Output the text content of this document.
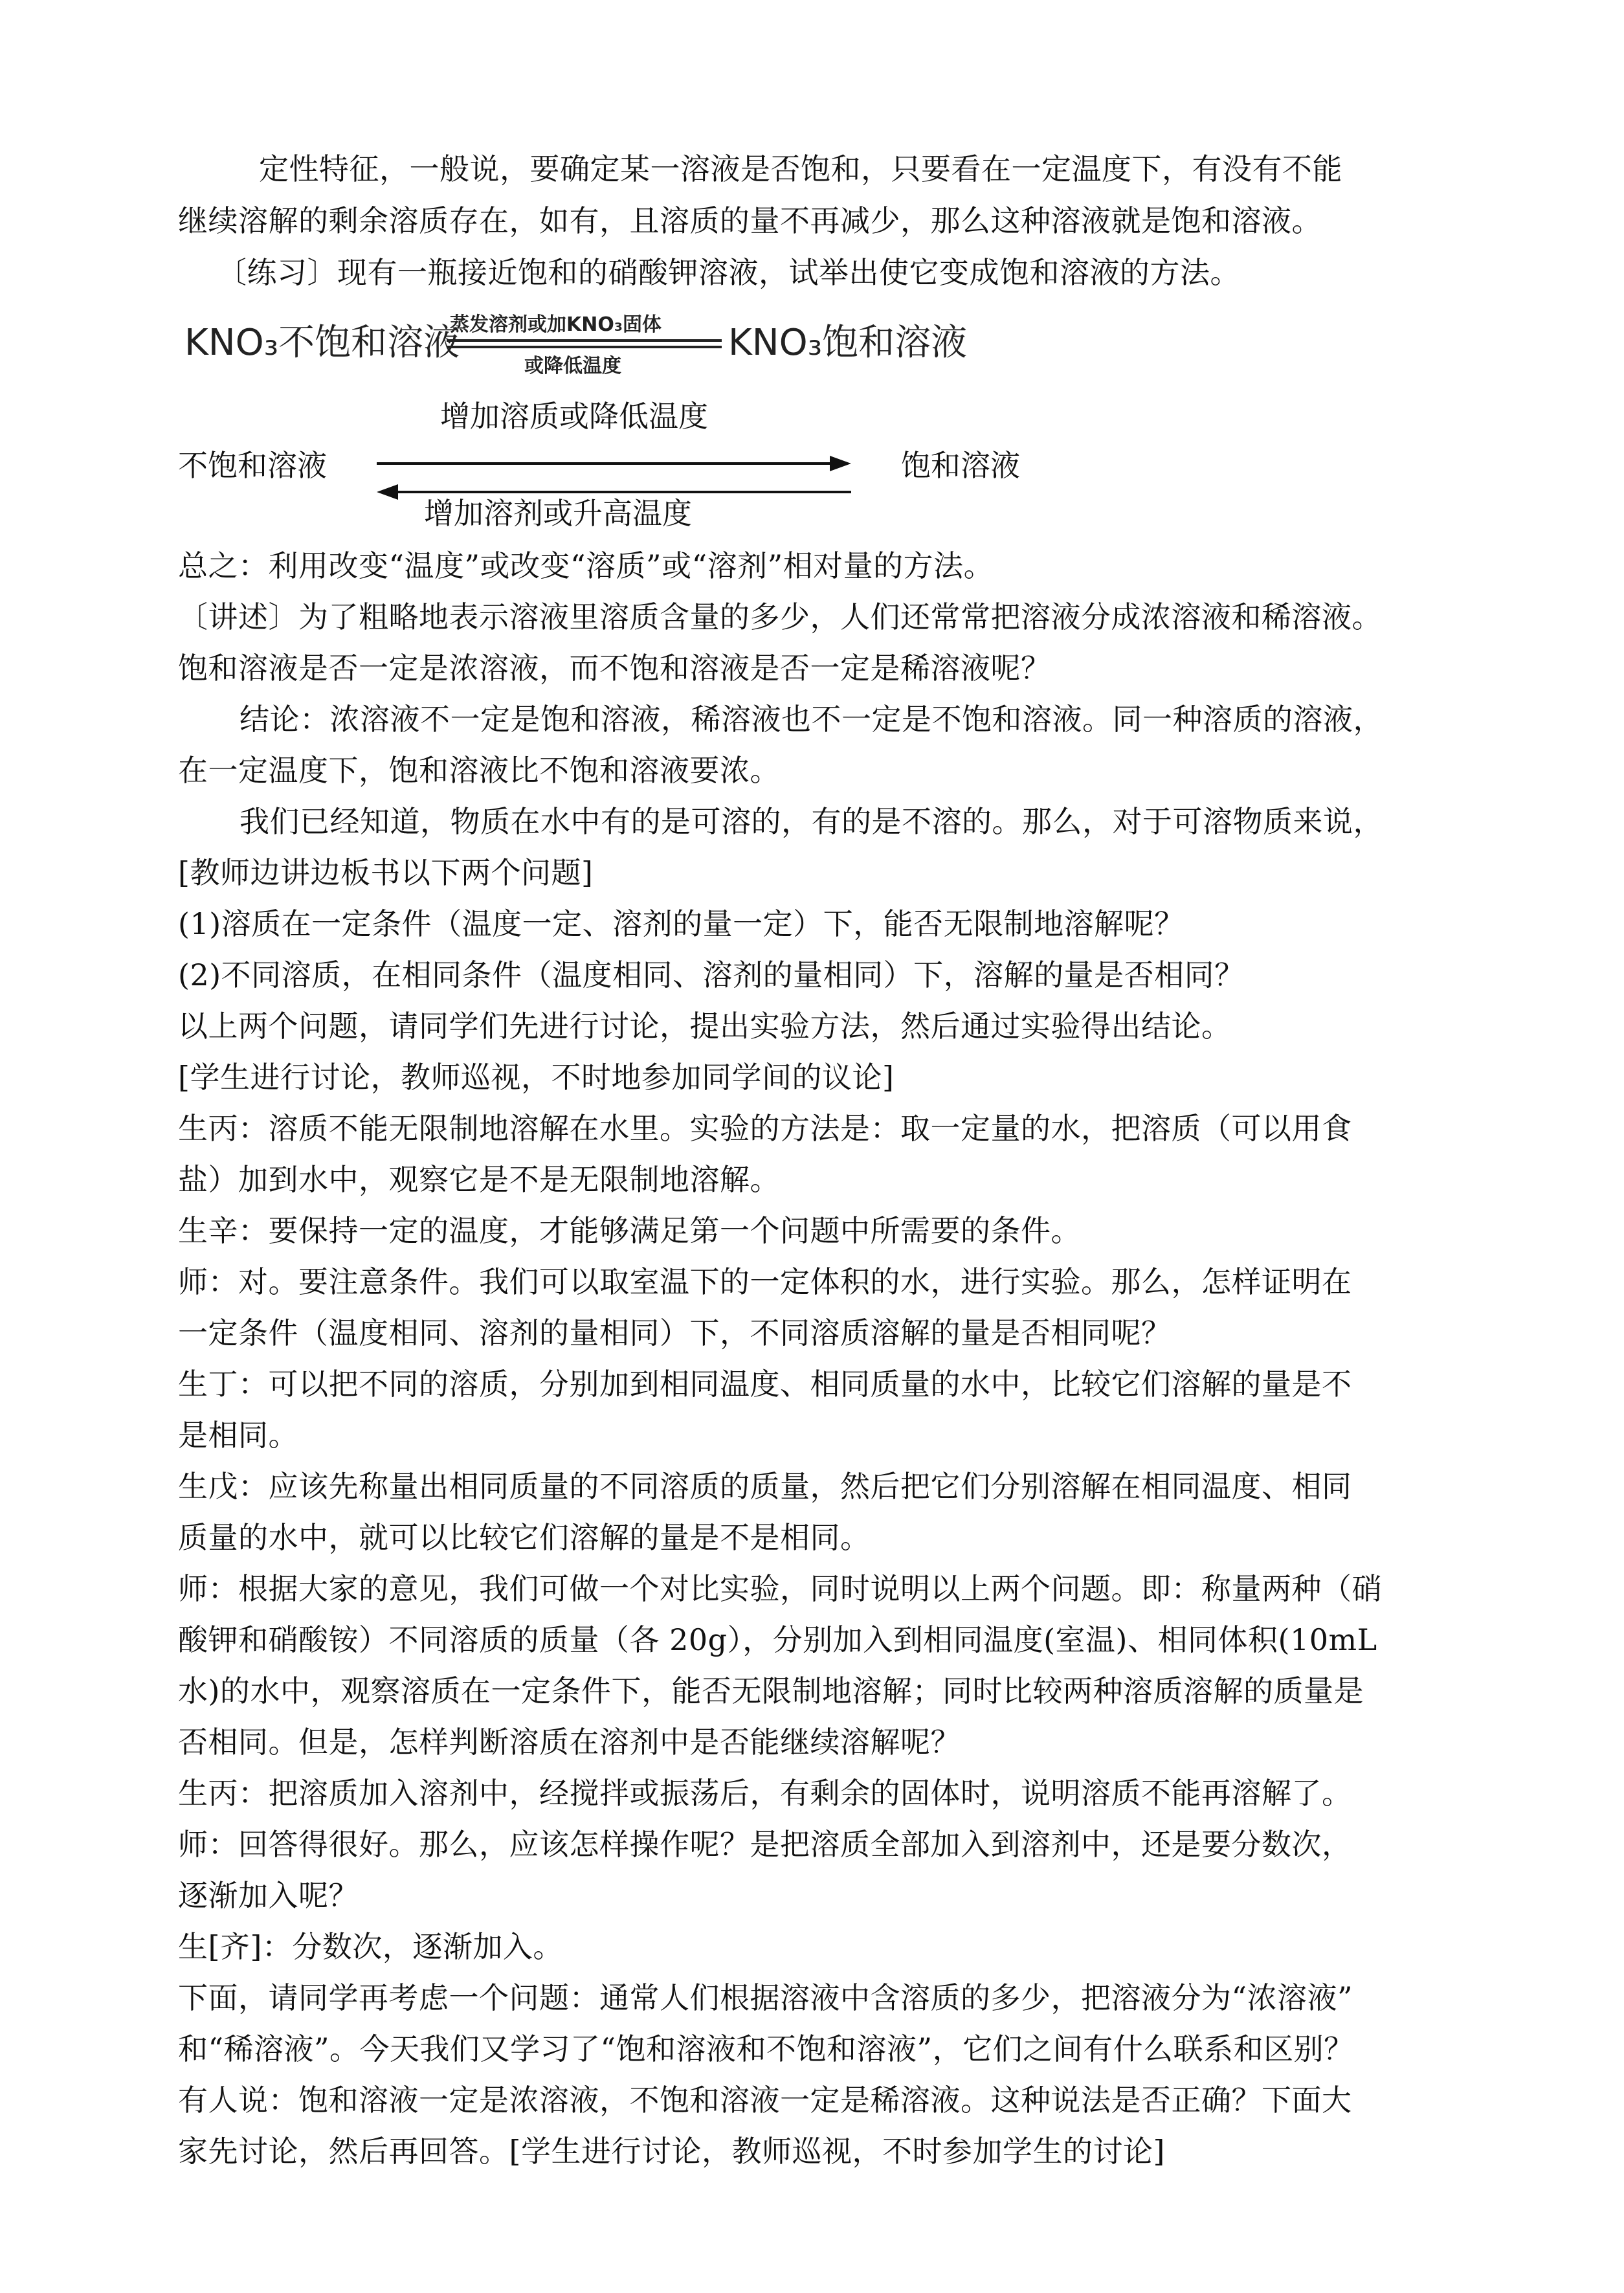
定性特征，一般说，要确定某一溶液是否饱和，只要看在一定温度下，有没有不能
继续溶解的剩余溶质存在，如有，且溶质的量不再减少，那么这种溶液就是饱和溶液。
〔练习〕现有一瓶接近饱和的硝酸钾溶液，试举出使它变成饱和溶液的方法。
KNO₃不饱和溶液
蒸发溶剂或加KNO₃固体
或降低温度
KNO₃饱和溶液
增加溶质或降低温度
不饱和溶液	饱和溶液
增加溶剂或升高温度
总之：利用改变“温度”或改变“溶质”或“溶剂”相对量的方法。
〔讲述〕为了粗略地表示溶液里溶质含量的多少，人们还常常把溶液分成浓溶液和稀溶液。
饱和溶液是否一定是浓溶液，而不饱和溶液是否一定是稀溶液呢？
结论：浓溶液不一定是饱和溶液，稀溶液也不一定是不饱和溶液。同一种溶质的溶液，
在一定温度下，饱和溶液比不饱和溶液要浓。
我们已经知道，物质在水中有的是可溶的，有的是不溶的。那么，对于可溶物质来说，
[教师边讲边板书以下两个问题]
(1)溶质在一定条件（温度一定、溶剂的量一定）下，能否无限制地溶解呢？
(2)不同溶质，在相同条件（温度相同、溶剂的量相同）下，溶解的量是否相同？
以上两个问题，请同学们先进行讨论，提出实验方法，然后通过实验得出结论。
[学生进行讨论，教师巡视，不时地参加同学间的议论]
生丙：溶质不能无限制地溶解在水里。实验的方法是：取一定量的水，把溶质（可以用食
盐）加到水中，观察它是不是无限制地溶解。
生辛：要保持一定的温度，才能够满足第一个问题中所需要的条件。
师：对。要注意条件。我们可以取室温下的一定体积的水，进行实验。那么，怎样证明在
一定条件（温度相同、溶剂的量相同）下，不同溶质溶解的量是否相同呢？
生丁：可以把不同的溶质，分别加到相同温度、相同质量的水中，比较它们溶解的量是不
是相同。
生戊：应该先称量出相同质量的不同溶质的质量，然后把它们分别溶解在相同温度、相同
质量的水中，就可以比较它们溶解的量是不是相同。
师：根据大家的意见，我们可做一个对比实验，同时说明以上两个问题。即：称量两种（硝
酸钾和硝酸铵）不同溶质的质量（各 20g），分别加入到相同温度(室温)、相同体积(10mL
水)的水中，观察溶质在一定条件下，能否无限制地溶解；同时比较两种溶质溶解的质量是
否相同。但是，怎样判断溶质在溶剂中是否能继续溶解呢？
生丙：把溶质加入溶剂中，经搅拌或振荡后，有剩余的固体时，说明溶质不能再溶解了。
师：回答得很好。那么，应该怎样操作呢？是把溶质全部加入到溶剂中，还是要分数次，
逐渐加入呢？
生[齐]：分数次，逐渐加入。
下面，请同学再考虑一个问题：通常人们根据溶液中含溶质的多少，把溶液分为“浓溶液”
和“稀溶液”。今天我们又学习了“饱和溶液和不饱和溶液”，它们之间有什么联系和区别？
有人说：饱和溶液一定是浓溶液，不饱和溶液一定是稀溶液。这种说法是否正确？下面大
家先讨论，然后再回答。[学生进行讨论，教师巡视，不时参加学生的讨论]
